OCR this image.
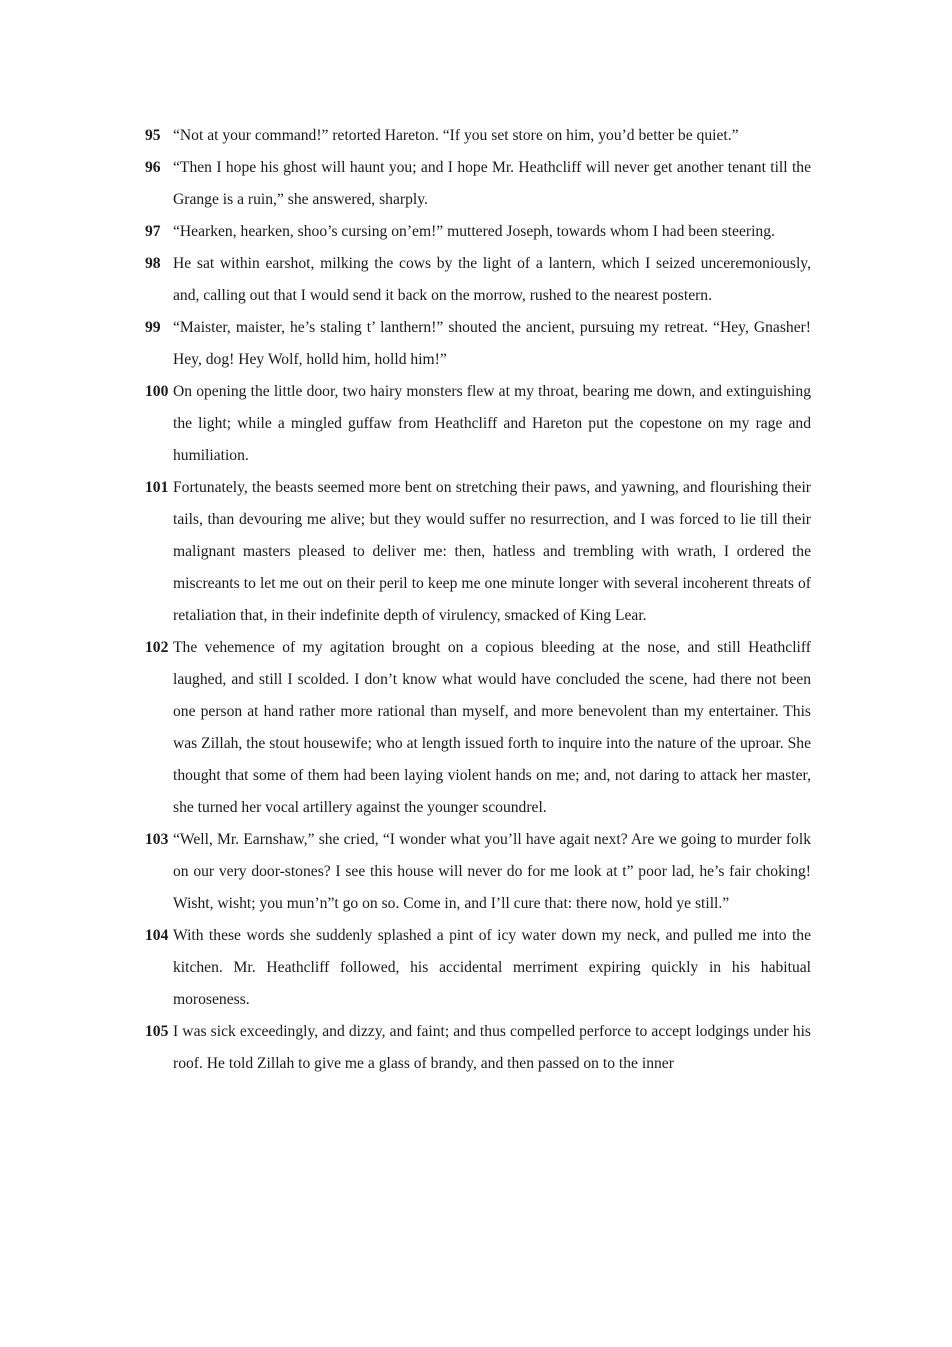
95 “Not at your command!” retorted Hareton. “If you set store on him, you’d better be quiet.”
96 “Then I hope his ghost will haunt you; and I hope Mr. Heathcliff will never get another tenant till the Grange is a ruin,” she answered, sharply.
97 “Hearken, hearken, shoo’s cursing on’em!” muttered Joseph, towards whom I had been steering.
98 He sat within earshot, milking the cows by the light of a lantern, which I seized unceremoniously, and, calling out that I would send it back on the morrow, rushed to the nearest postern.
99 “Maister, maister, he’s staling t’ lanthern!” shouted the ancient, pursuing my retreat. “Hey, Gnasher! Hey, dog! Hey Wolf, holld him, holld him!”
100 On opening the little door, two hairy monsters flew at my throat, bearing me down, and extinguishing the light; while a mingled guffaw from Heathcliff and Hareton put the copestone on my rage and humiliation.
101 Fortunately, the beasts seemed more bent on stretching their paws, and yawning, and flourishing their tails, than devouring me alive; but they would suffer no resurrection, and I was forced to lie till their malignant masters pleased to deliver me: then, hatless and trembling with wrath, I ordered the miscreants to let me out on their peril to keep me one minute longer with several incoherent threats of retaliation that, in their indefinite depth of virulency, smacked of King Lear.
102 The vehemence of my agitation brought on a copious bleeding at the nose, and still Heathcliff laughed, and still I scolded. I don’t know what would have concluded the scene, had there not been one person at hand rather more rational than myself, and more benevolent than my entertainer. This was Zillah, the stout housewife; who at length issued forth to inquire into the nature of the uproar. She thought that some of them had been laying violent hands on me; and, not daring to attack her master, she turned her vocal artillery against the younger scoundrel.
103 “Well, Mr. Earnshaw,” she cried, “I wonder what you’ll have agait next? Are we going to murder folk on our very door-stones? I see this house will never do for me look at t” poor lad, he’s fair choking! Wisht, wisht; you mun’n”t go on so. Come in, and I’ll cure that: there now, hold ye still.”
104 With these words she suddenly splashed a pint of icy water down my neck, and pulled me into the kitchen. Mr. Heathcliff followed, his accidental merriment expiring quickly in his habitual moroseness.
105 I was sick exceedingly, and dizzy, and faint; and thus compelled perforce to accept lodgings under his roof. He told Zillah to give me a glass of brandy, and then passed on to the inner
